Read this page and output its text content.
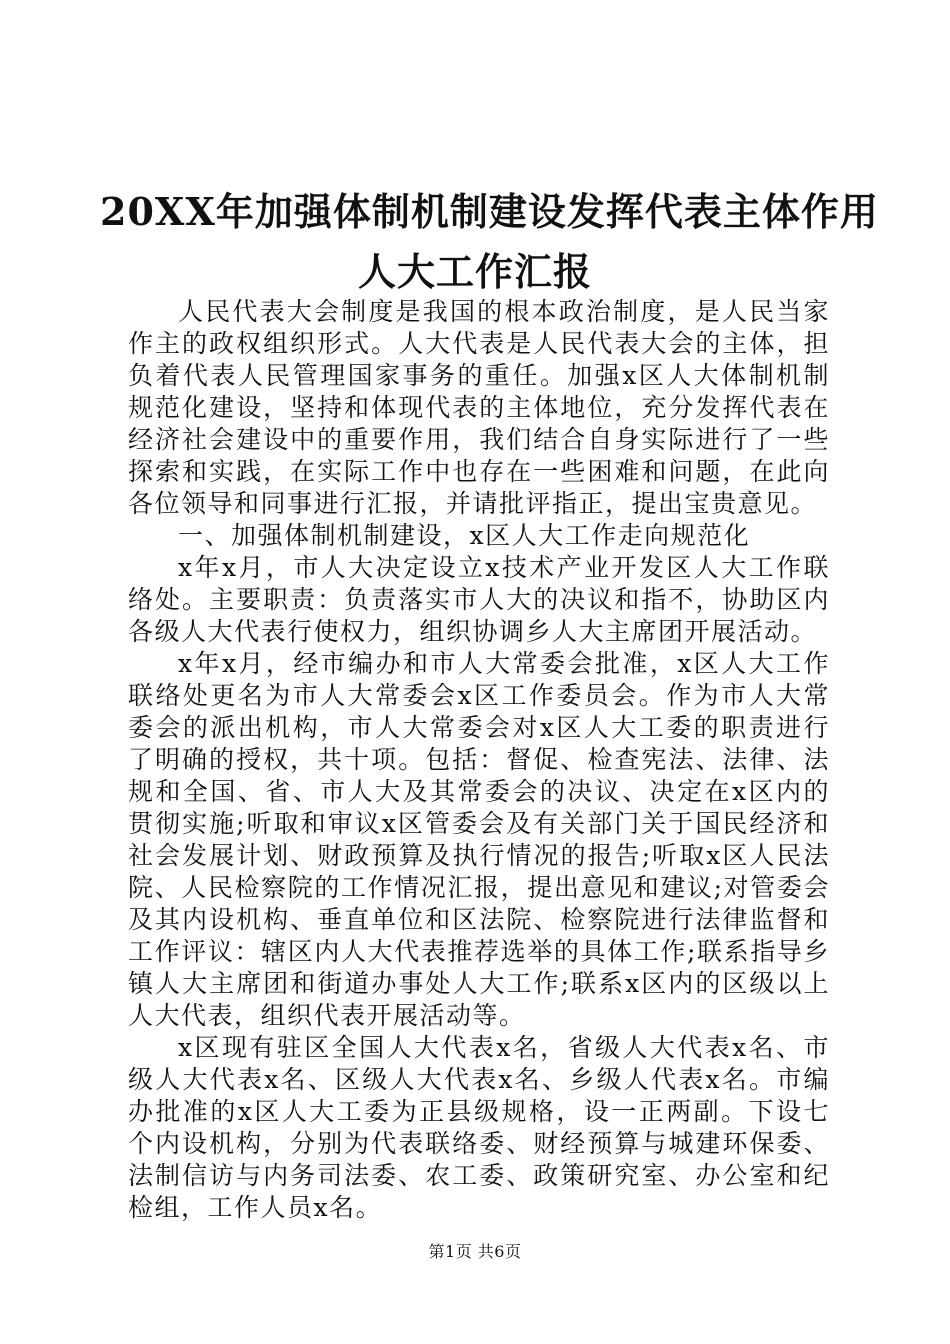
20XX年加强体制机制建设发挥代表主体作用
人大工作汇报

人民代表大会制度是我国的根本政治制度，是人民当家作主的政权组织形式。人大代表是人民代表大会的主体，担负着代表人民管理国家事务的重任。加强x区人大体制机制规范化建设，坚持和体现代表的主体地位，充分发挥代表在经济社会建设中的重要作用，我们结合自身实际进行了一些探索和实践，在实际工作中也存在一些困难和问题，在此向各位领导和同事进行汇报，并请批评指正，提出宝贵意见。

一、加强体制机制建设，x区人大工作走向规范化

x年x月，市人大决定设立x技术产业开发区人大工作联络处。主要职责：负责落实市人大的决议和指不，协助区内各级人大代表行使权力，组织协调乡人大主席团开展活动。

x年x月，经市编办和市人大常委会批准，x区人大工作联络处更名为市人大常委会x区工作委员会。作为市人大常委会的派出机构，市人大常委会对x区人大工委的职责进行了明确的授权，共十项。包括：督促、检查宪法、法律、法规和全国、省、市人大及其常委会的决议、决定在x区内的贯彻实施;听取和审议x区管委会及有关部门关于国民经济和社会发展计划、财政预算及执行情况的报告;听取x区人民法院、人民检察院的工作情况汇报，提出意见和建议;对管委会及其内设机构、垂直单位和区法院、检察院进行法律监督和工作评议：辖区内人大代表推荐选举的具体工作;联系指导乡镇人大主席团和街道办事处人大工作;联系x区内的区级以上人大代表，组织代表开展活动等。

x区现有驻区全国人大代表x名，省级人大代表x名、市级人大代表x名、区级人大代表x名、乡级人代表x名。市编办批准的x区人大工委为正县级规格，设一正两副。下设七个内设机构，分别为代表联络委、财经预算与城建环保委、法制信访与内务司法委、农工委、政策研究室、办公室和纪检组，工作人员x名。

第1页 共6页
